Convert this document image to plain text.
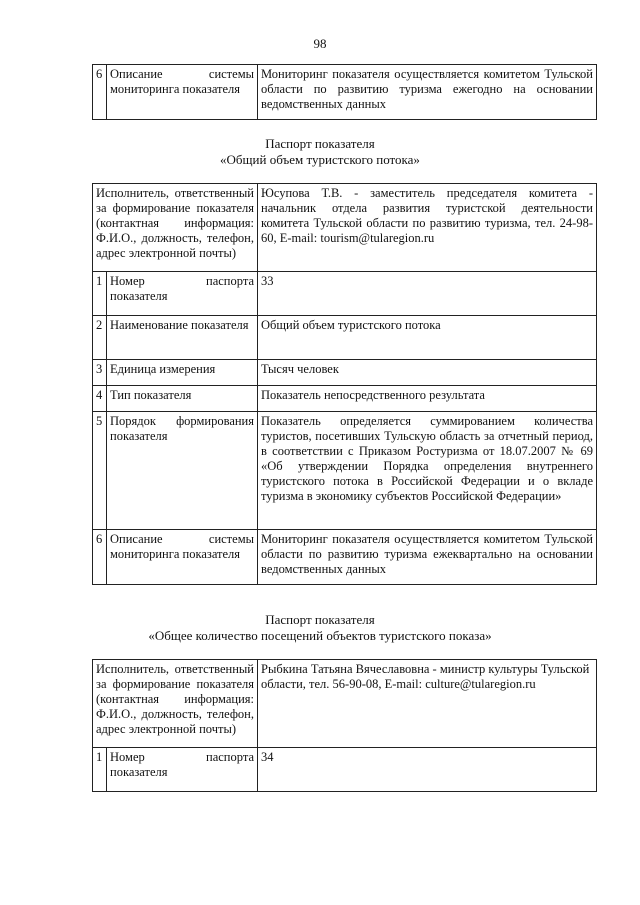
98
6	Описание системы мониторинга показателя	Мониторинг показателя осуществляется комитетом Тульской области по развитию туризма ежегодно на основании ведомственных данных
Паспорт показателя
«Общий объем туристского потока»
Исполнитель, ответственный за формирование показателя (контактная информация: Ф.И.О., должность, телефон, адрес электронной почты)		Юсупова Т.В. - заместитель председателя комитета - начальник отдела развития туристской деятельности комитета Тульской области по развитию туризма, тел. 24-98-60, E-mail: tourism@tularegion.ru
1	Номер паспорта показателя	33
2	Наименование показателя	Общий объем туристского потока
3	Единица измерения	Тысяч человек
4	Тип показателя	Показатель непосредственного результата
5	Порядок формирования показателя	Показатель определяется суммированием количества туристов, посетивших Тульскую область за отчетный период, в соответствии с Приказом Ростуризма от 18.07.2007 № 69 «Об утверждении Порядка определения внутреннего туристского потока в Российской Федерации и о вкладе туризма в экономику субъектов Российской Федерации»
6	Описание системы мониторинга показателя	Мониторинг показателя осуществляется комитетом Тульской области по развитию туризма ежеквартально на основании ведомственных данных
Паспорт показателя
«Общее количество посещений объектов туристского показа»
Исполнитель, ответственный за формирование показателя (контактная информация: Ф.И.О., должность, телефон, адрес электронной почты)		Рыбкина Татьяна Вячеславовна - министр культуры Тульской области, тел. 56-90-08, E-mail: culture@tularegion.ru
1	Номер паспорта показателя	34
